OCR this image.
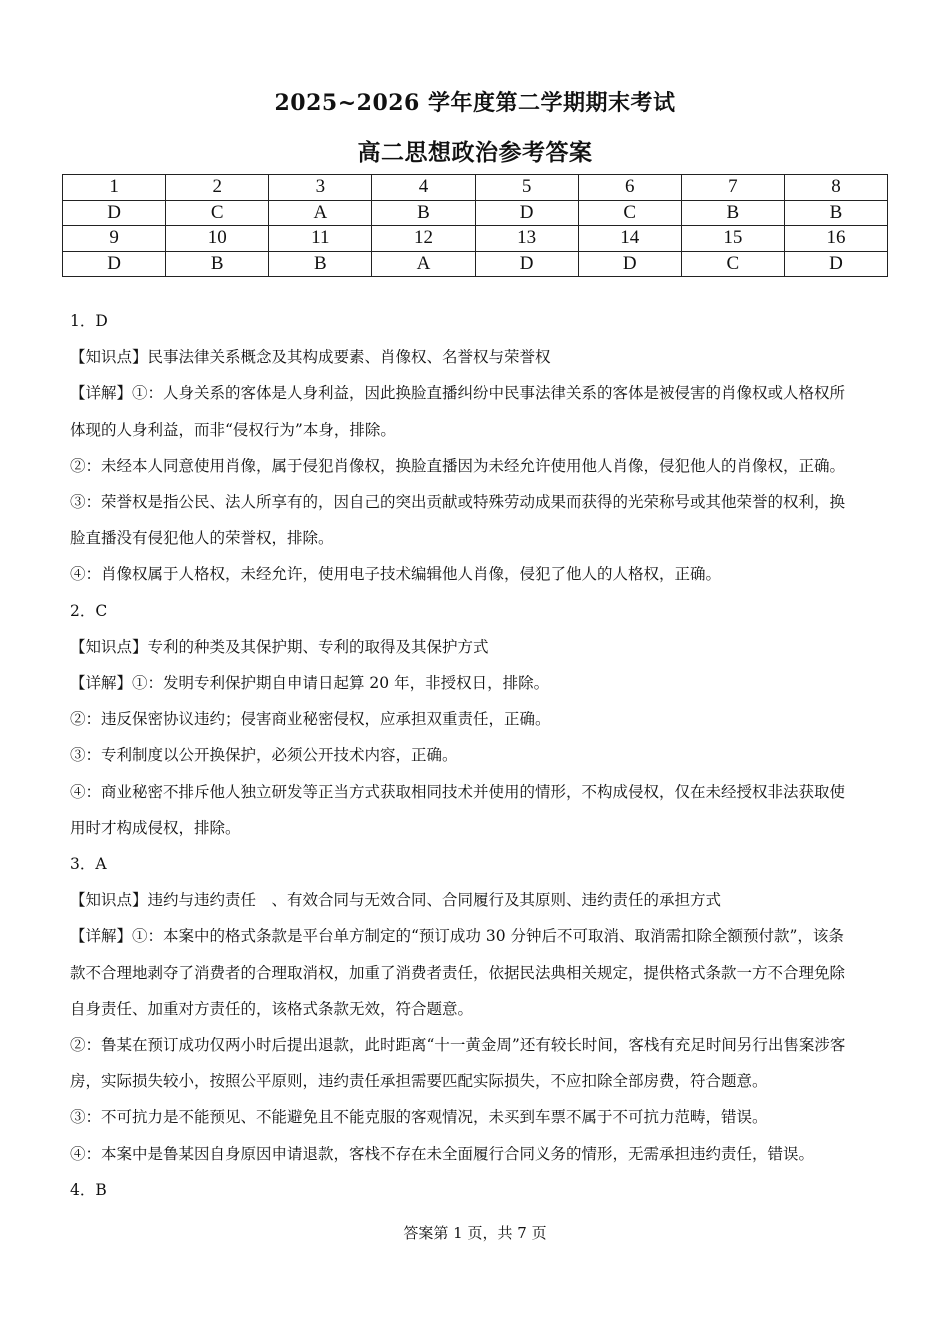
2025~2026 学年度第二学期期末考试
高二思想政治参考答案
1	2	3	4	5	6	7	8
D	C	A	B	D	C	B	B
9	10	11	12	13	14	15	16
D	B	B	A	D	D	C	D

1．D

【知识点】民事法律关系概念及其构成要素、肖像权、名誉权与荣誉权

【详解】①：人身关系的客体是人身利益，因此换脸直播纠纷中民事法律关系的客体是被侵害的肖像权或人格权所

体现的人身利益，而非“侵权行为”本身，排除。

②：未经本人同意使用肖像，属于侵犯肖像权，换脸直播因为未经允许使用他人肖像，侵犯他人的肖像权，正确。

③：荣誉权是指公民、法人所享有的，因自己的突出贡献或特殊劳动成果而获得的光荣称号或其他荣誉的权利，换

脸直播没有侵犯他人的荣誉权，排除。

④：肖像权属于人格权，未经允许，使用电子技术编辑他人肖像，侵犯了他人的人格权，正确。

2．C

【知识点】专利的种类及其保护期、专利的取得及其保护方式

【详解】①：发明专利保护期自申请日起算 20 年，非授权日，排除。

②：违反保密协议违约；侵害商业秘密侵权，应承担双重责任，正确。

③：专利制度以公开换保护，必须公开技术内容，正确。

④：商业秘密不排斥他人独立研发等正当方式获取相同技术并使用的情形，不构成侵权，仅在未经授权非法获取使

用时才构成侵权，排除。

3．A

【知识点】违约与违约责任　、有效合同与无效合同、合同履行及其原则、违约责任的承担方式

【详解】①：本案中的格式条款是平台单方制定的“预订成功 30 分钟后不可取消、取消需扣除全额预付款”，该条

款不合理地剥夺了消费者的合理取消权，加重了消费者责任，依据民法典相关规定，提供格式条款一方不合理免除

自身责任、加重对方责任的，该格式条款无效，符合题意。

②：鲁某在预订成功仅两小时后提出退款，此时距离“十一黄金周”还有较长时间，客栈有充足时间另行出售案涉客

房，实际损失较小，按照公平原则，违约责任承担需要匹配实际损失，不应扣除全部房费，符合题意。

③：不可抗力是不能预见、不能避免且不能克服的客观情况，未买到车票不属于不可抗力范畴，错误。

④：本案中是鲁某因自身原因申请退款，客栈不存在未全面履行合同义务的情形，无需承担违约责任，错误。

4．B

答案第 1 页，共 7 页
